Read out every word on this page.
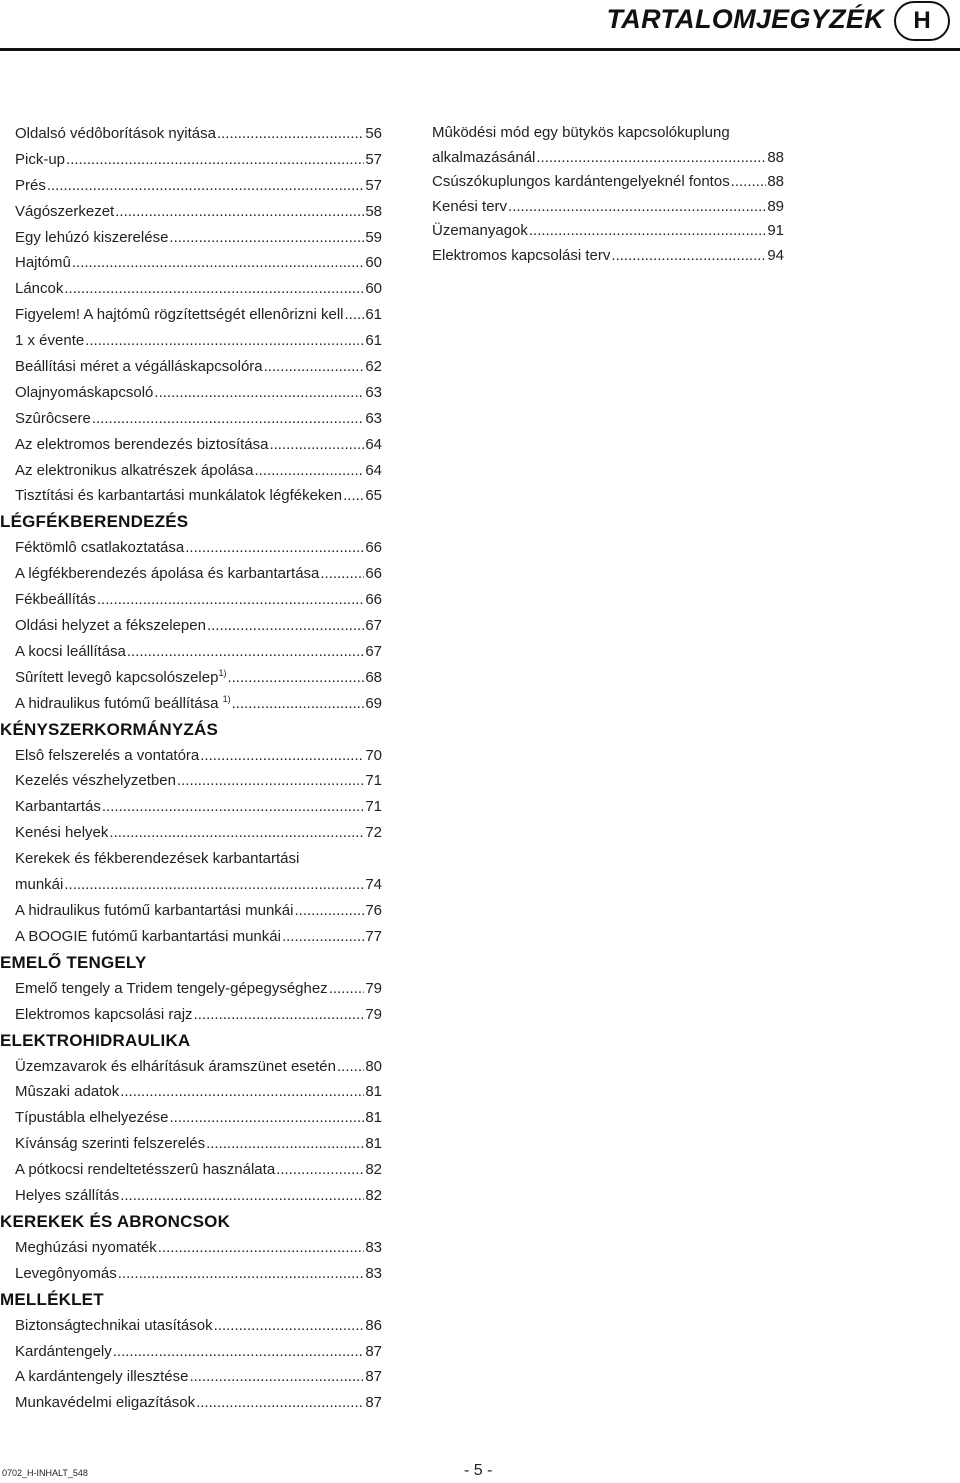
TARTALOMJEGYZÉK	H
Oldalsó védôborítások nyitása .....	56
Pick-up .....	57
Prés .....	57
Vágószerkezet .....	58
Egy lehúzó kiszerelése .....	59
Hajtómû .....	60
Láncok .....	60
Figyelem! A hajtómû rögzítettségét ellenôrizni kell ..... 61
1 x évente .....	61
Beállítási méret a végálláskapcsolóra .....	62
Olajnyomáskapcsoló .....	63
Szûrôcsere .....	63
Az elektromos berendezés biztosítása .....	64
Az elektronikus alkatrészek ápolása .....	64
Tisztítási és karbantartási munkálatok légfékeken ..... 65
LÉGFÉKBERENDEZÉS
Féktömlô csatlakoztatása .....	66
A légfékberendezés ápolása és karbantartása .....	66
Fékbeállítás .....	66
Oldási helyzet a fékszelepen .....	67
A kocsi leállítása .....	67
Sûrített levegô kapcsolószelep$^{1)}$ .....	68
A hidraulikus futómű beállítása $^{1)}$ .....	69
KÉNYSZERKORMÁNYZÁS
Elsô felszerelés a vontatóra .....	70
Kezelés vészhelyzetben .....	71
Karbantartás .....	71
Kenési helyek .....	72
Kerekek és fékberendezések karbantartási
munkái .....	74
A hidraulikus futómű karbantartási munkái .....	76
A BOOGIE futómű karbantartási munkái .....	77
EMELŐ TENGELY
Emelő tengely a Tridem tengely-gépegységhez .....	79
Elektromos kapcsolási rajz .....	79
ELEKTROHIDRAULIKA
Üzemzavarok és elhárításuk áramszünet esetén ..... 80
Mûszaki adatok .....	81
Típustábla elhelyezése .....	81
Kívánság szerinti felszerelés .....	81
A pótkocsi rendeltetésszerû használata .....	82
Helyes szállítás .....	82
KEREKEK ÉS ABRONCSOK
Meghúzási nyomaték .....	83
Levegônyomás .....	83
MELLÉKLET
Biztonságtechnikai utasítások .....	86
Kardántengely .....	87
A kardántengely illesztése .....	87
Munkavédelmi eligazítások .....	87
Mûködési mód egy bütykös kapcsolókuplung
alkalmazásánál .....	88
Csúszókuplungos kardántengelyeknél fontos .....	88
Kenési terv .....	89
Üzemanyagok .....	91
Elektromos kapcsolási terv .....	94
0702_H-INHALT_548	- 5 -
